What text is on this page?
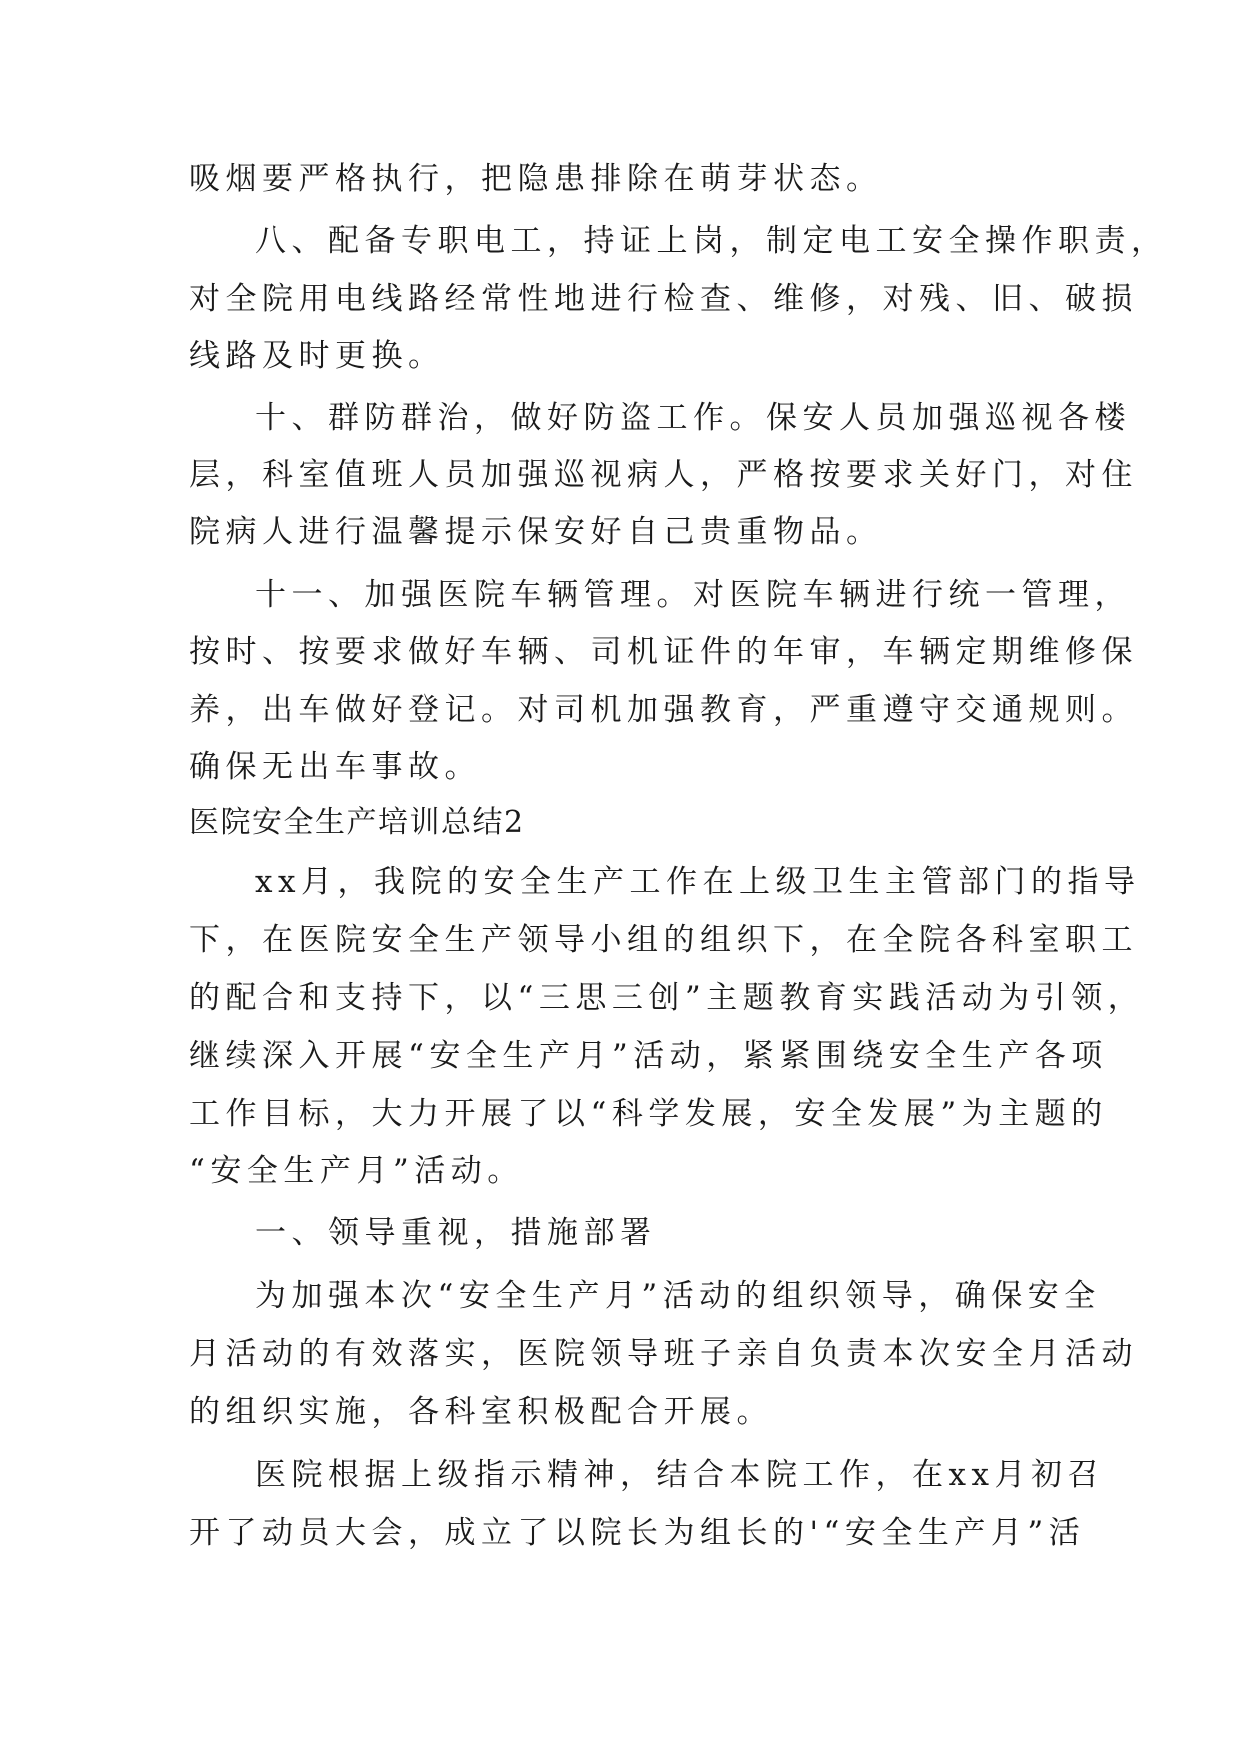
吸烟要严格执行，把隐患排除在萌芽状态。
八、配备专职电工，持证上岗，制定电工安全操作职责，
对全院用电线路经常性地进行检查、维修，对残、旧、破损
线路及时更换。
十、群防群治，做好防盗工作。保安人员加强巡视各楼
层，科室值班人员加强巡视病人，严格按要求关好门，对住
院病人进行温馨提示保安好自己贵重物品。
十一、加强医院车辆管理。对医院车辆进行统一管理，
按时、按要求做好车辆、司机证件的年审，车辆定期维修保
养，出车做好登记。对司机加强教育，严重遵守交通规则。
确保无出车事故。
医院安全生产培训总结2
xx月，我院的安全生产工作在上级卫生主管部门的指导
下，在医院安全生产领导小组的组织下，在全院各科室职工
的配合和支持下，以“三思三创”主题教育实践活动为引领，
继续深入开展“安全生产月”活动，紧紧围绕安全生产各项
工作目标，大力开展了以“科学发展，安全发展”为主题的
“安全生产月”活动。
一、领导重视，措施部署
为加强本次“安全生产月”活动的组织领导，确保安全
月活动的有效落实，医院领导班子亲自负责本次安全月活动
的组织实施，各科室积极配合开展。
医院根据上级指示精神，结合本院工作，在xx月初召
开了动员大会，成立了以院长为组长的'“安全生产月”活
